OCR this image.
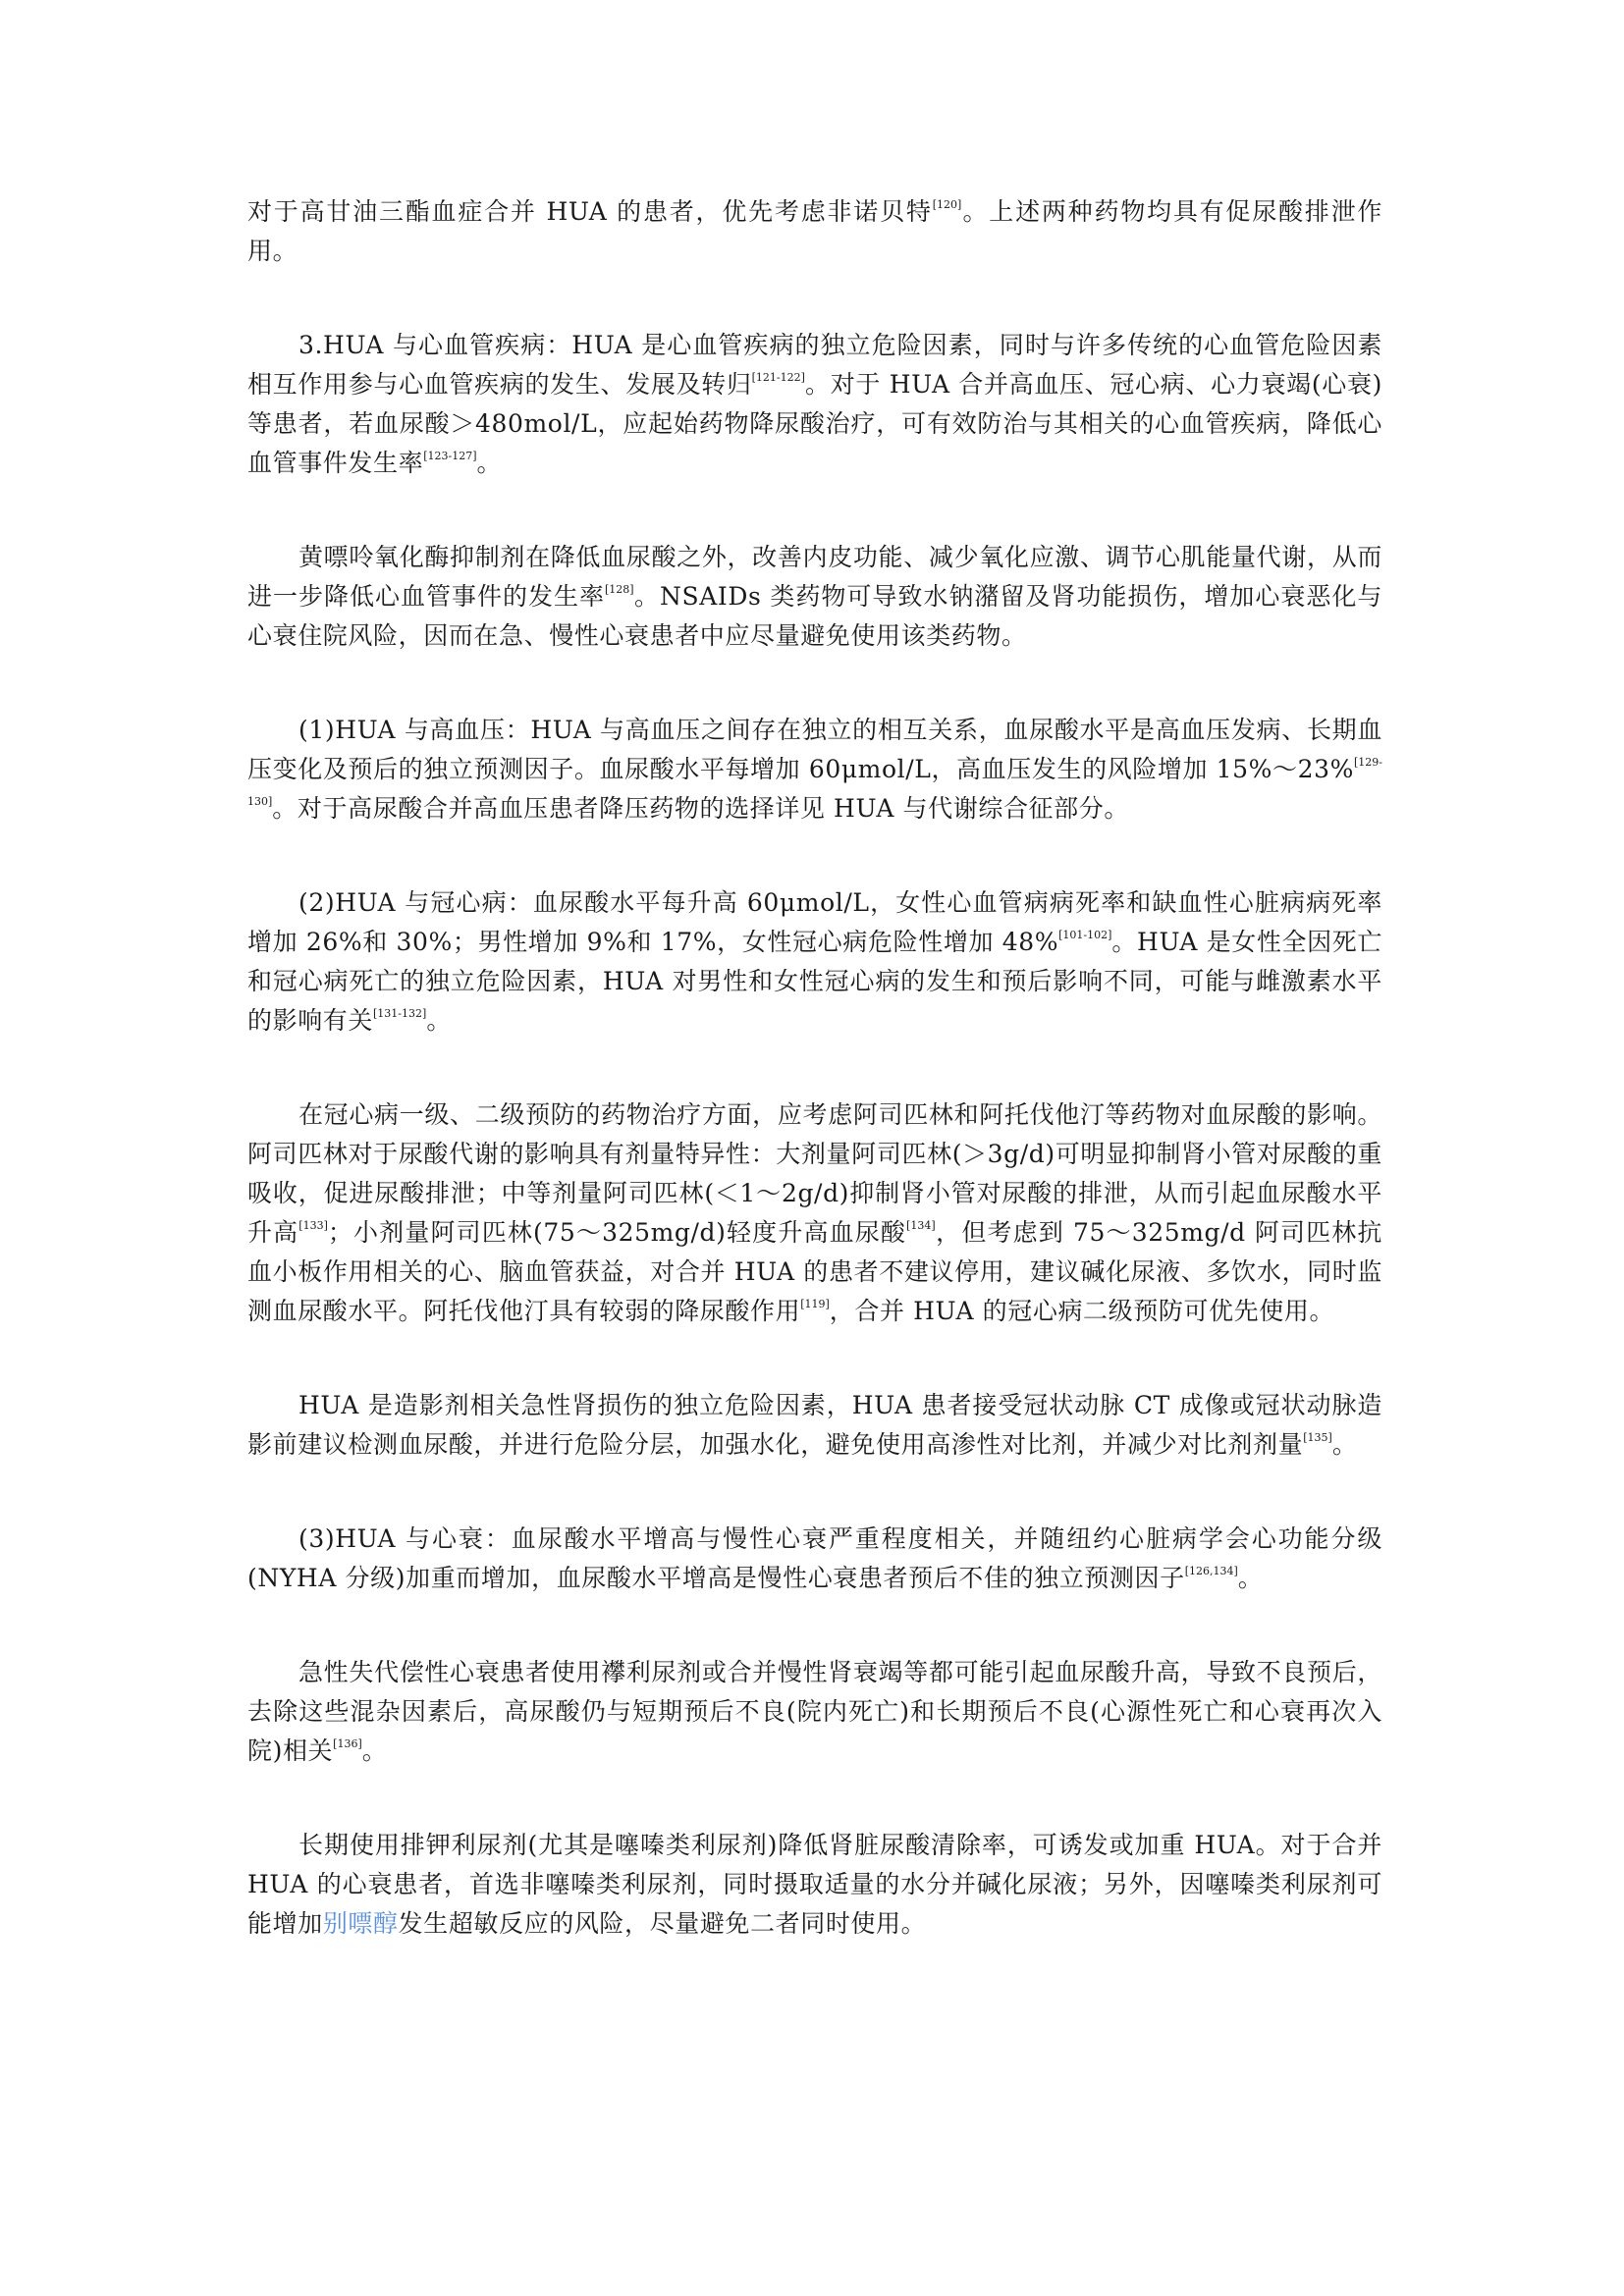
对于高甘油三酯血症合并 HUA 的患者，优先考虑非诺贝特[120]。上述两种药物均具有促尿酸排泄作用。

3.HUA 与心血管疾病：HUA 是心血管疾病的独立危险因素，同时与许多传统的心血管危险因素相互作用参与心血管疾病的发生、发展及转归[121-122]。对于 HUA 合并高血压、冠心病、心力衰竭(心衰)等患者，若血尿酸＞480mol/L，应起始药物降尿酸治疗，可有效防治与其相关的心血管疾病，降低心血管事件发生率[123-127]。

黄嘌呤氧化酶抑制剂在降低血尿酸之外，改善内皮功能、减少氧化应激、调节心肌能量代谢，从而进一步降低心血管事件的发生率[128]。NSAIDs 类药物可导致水钠潴留及肾功能损伤，增加心衰恶化与心衰住院风险，因而在急、慢性心衰患者中应尽量避免使用该类药物。

(1)HUA 与高血压：HUA 与高血压之间存在独立的相互关系，血尿酸水平是高血压发病、长期血压变化及预后的独立预测因子。血尿酸水平每增加 60μmol/L，高血压发生的风险增加 15%～23%[129-130]。对于高尿酸合并高血压患者降压药物的选择详见 HUA 与代谢综合征部分。

(2)HUA 与冠心病：血尿酸水平每升高 60μmol/L，女性心血管病病死率和缺血性心脏病病死率增加 26%和 30%；男性增加 9%和 17%，女性冠心病危险性增加 48%[101-102]。HUA 是女性全因死亡和冠心病死亡的独立危险因素，HUA 对男性和女性冠心病的发生和预后影响不同，可能与雌激素水平的影响有关[131-132]。

在冠心病一级、二级预防的药物治疗方面，应考虑阿司匹林和阿托伐他汀等药物对血尿酸的影响。阿司匹林对于尿酸代谢的影响具有剂量特异性：大剂量阿司匹林(＞3g/d)可明显抑制肾小管对尿酸的重吸收，促进尿酸排泄；中等剂量阿司匹林(＜1～2g/d)抑制肾小管对尿酸的排泄，从而引起血尿酸水平升高[133]；小剂量阿司匹林(75～325mg/d)轻度升高血尿酸[134]，但考虑到 75～325mg/d 阿司匹林抗血小板作用相关的心、脑血管获益，对合并 HUA 的患者不建议停用，建议碱化尿液、多饮水，同时监测血尿酸水平。阿托伐他汀具有较弱的降尿酸作用[119]，合并 HUA 的冠心病二级预防可优先使用。

HUA 是造影剂相关急性肾损伤的独立危险因素，HUA 患者接受冠状动脉 CT 成像或冠状动脉造影前建议检测血尿酸，并进行危险分层，加强水化，避免使用高渗性对比剂，并减少对比剂剂量[135]。

(3)HUA 与心衰：血尿酸水平增高与慢性心衰严重程度相关，并随纽约心脏病学会心功能分级(NYHA 分级)加重而增加，血尿酸水平增高是慢性心衰患者预后不佳的独立预测因子[126,134]。

急性失代偿性心衰患者使用襻利尿剂或合并慢性肾衰竭等都可能引起血尿酸升高，导致不良预后，去除这些混杂因素后，高尿酸仍与短期预后不良(院内死亡)和长期预后不良(心源性死亡和心衰再次入院)相关[136]。

长期使用排钾利尿剂(尤其是噻嗪类利尿剂)降低肾脏尿酸清除率，可诱发或加重 HUA。对于合并 HUA 的心衰患者，首选非噻嗪类利尿剂，同时摄取适量的水分并碱化尿液；另外，因噻嗪类利尿剂可能增加别嘌醇发生超敏反应的风险，尽量避免二者同时使用。
